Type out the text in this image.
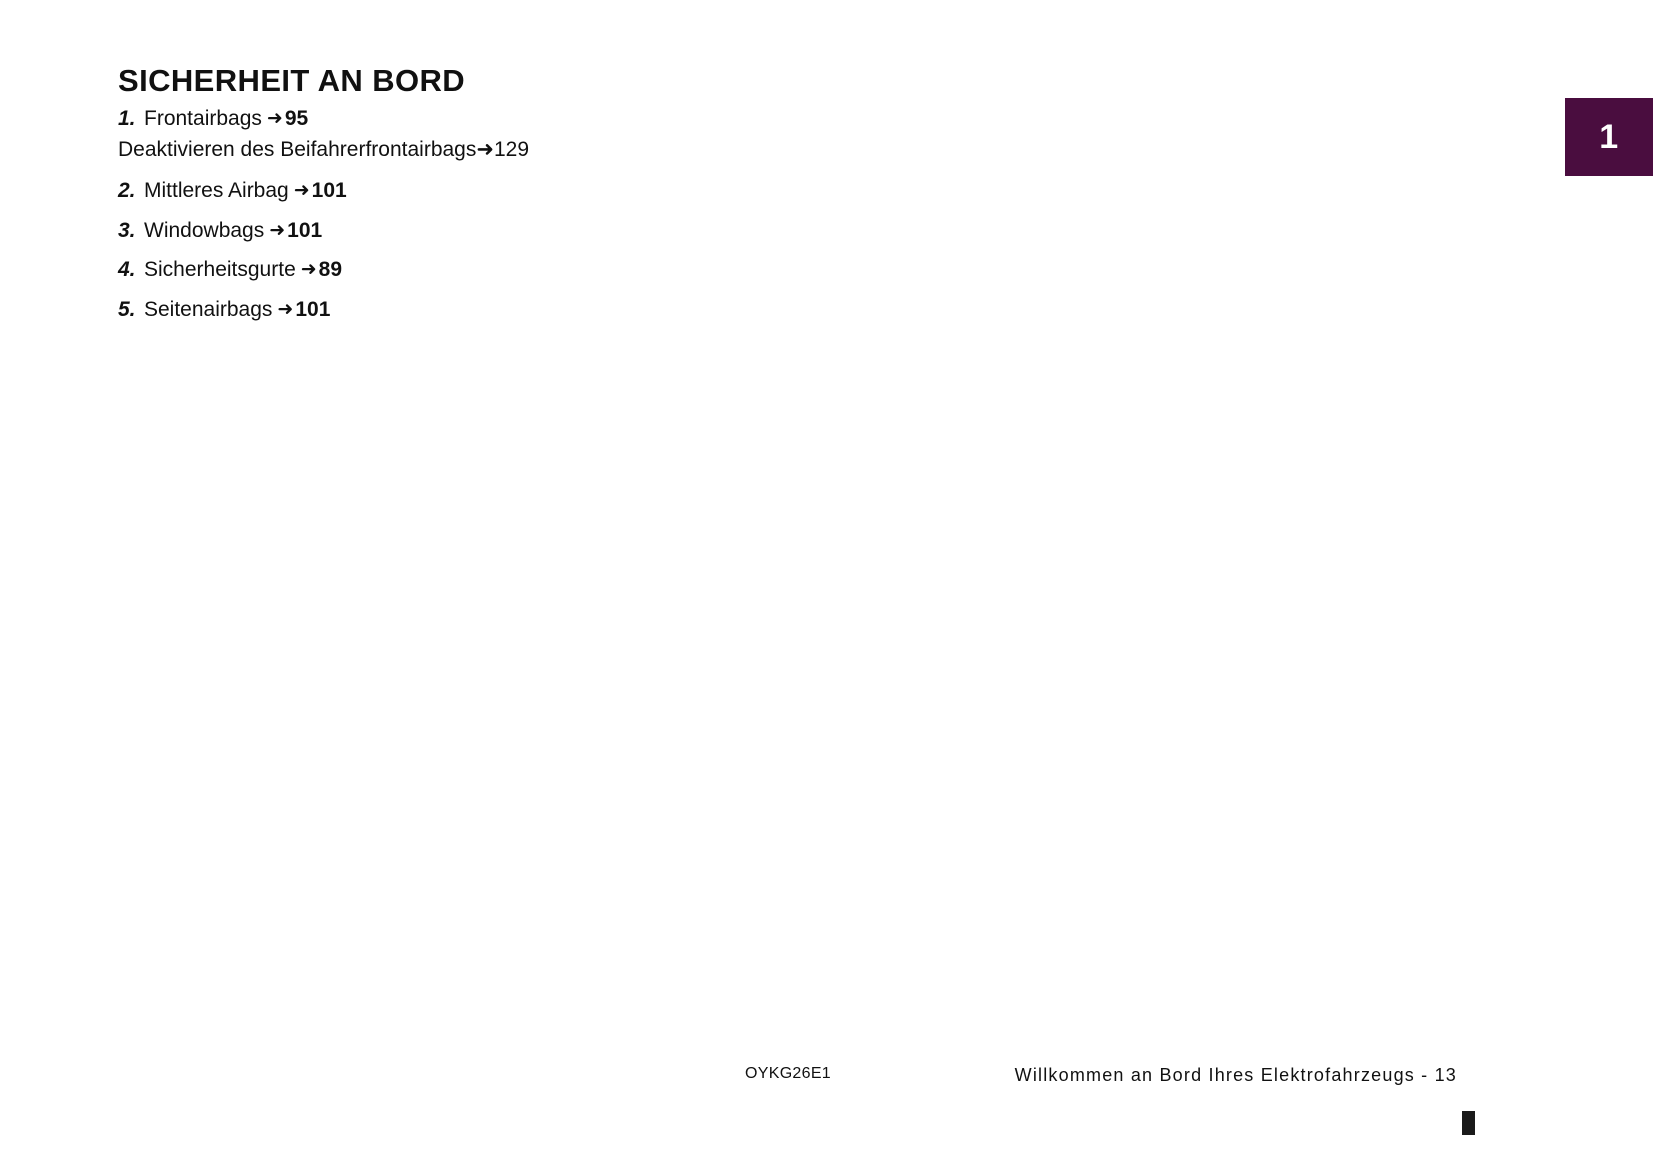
1
SICHERHEIT AN BORD
1. Frontairbags ➜95
Deaktivieren des Beifahrerfrontairbags➜129
2. Mittleres Airbag ➜101
3. Windowbags ➜101
4. Sicherheitsgurte ➜89
5. Seitenairbags ➜101
OYKG26E1	Willkommen an Bord Ihres Elektrofahrzeugs - 13
